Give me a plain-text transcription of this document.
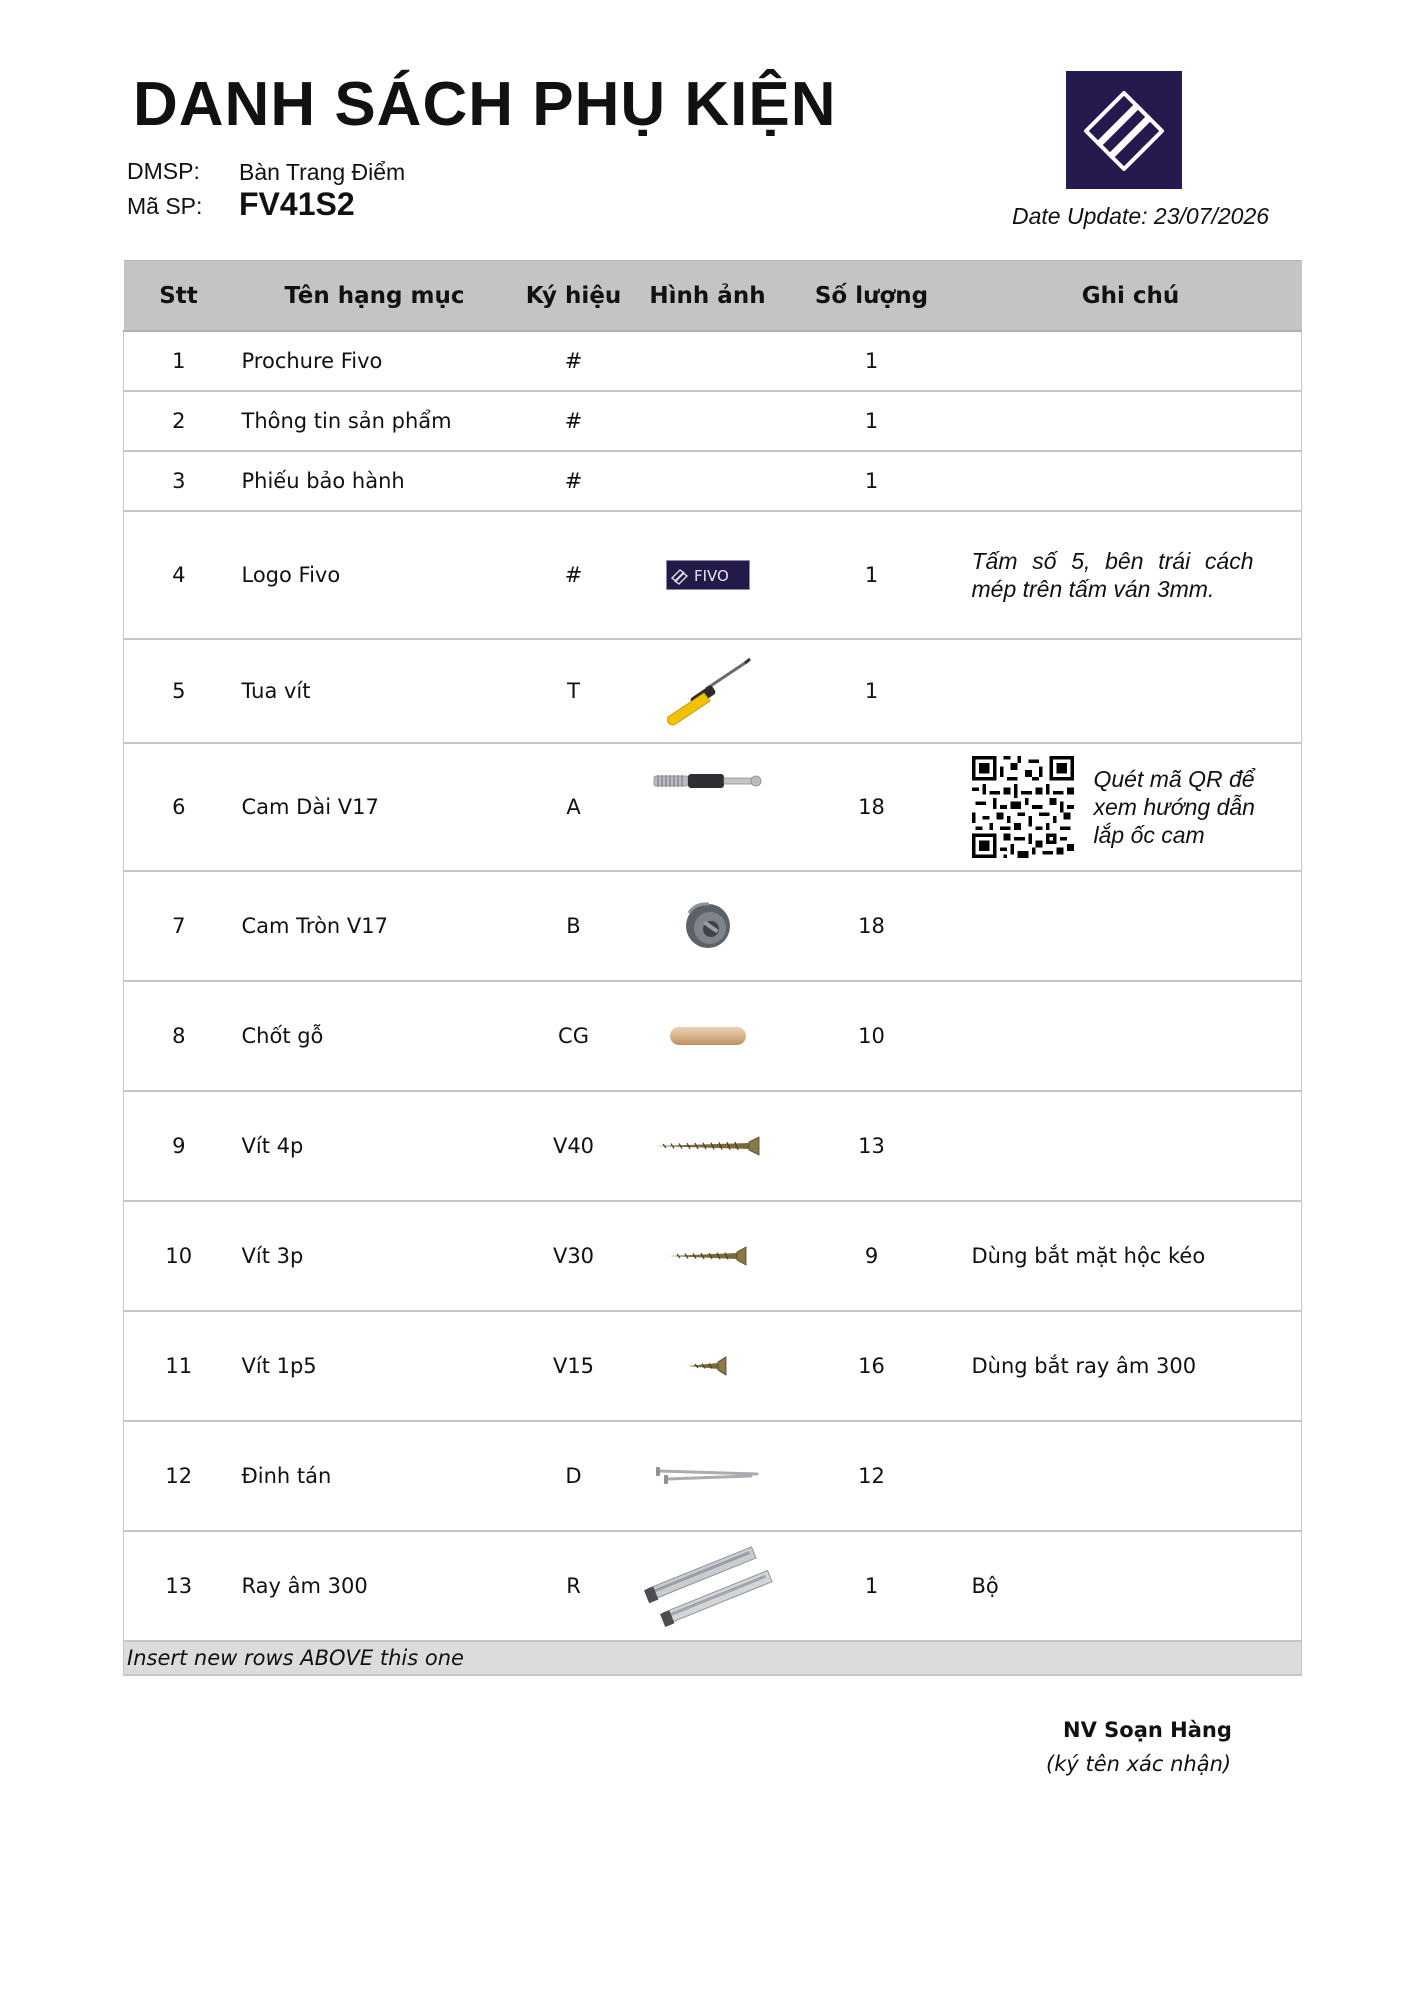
DANH SÁCH PHỤ KIỆN
DMSP: Bàn Trang Điểm
Mã SP: FV41S2	Date Update: 23/07/2026
Stt	Tên hạng mục	Ký hiệu	Hình ảnh	Số lượng	Ghi chú
1	Prochure Fivo	#		1	
2	Thông tin sản phẩm	#		1	
3	Phiếu bảo hành	#		1	
4	Logo Fivo	#	FIVO	1	Tấm số 5, bên trái cách mép trên tấm ván 3mm.

5	Tua vít	T		1	
6	Cam Dài V17	A		18	Quét mã QR để xem hướng dẫn lắp ốc cam

7	Cam Tròn V17	B		18	
8	Chốt gỗ	CG		10	
9	Vít 4p	V40		13	
10	Vít 3p	V30		9	Dùng bắt mặt hộc kéo
11	Vít 1p5	V15		16	Dùng bắt ray âm 300
12	Đinh tán	D		12	
13	Ray âm 300	R		1	Bộ
Insert new rows ABOVE this one					
NV Soạn Hàng
(ký tên xác nhận)
